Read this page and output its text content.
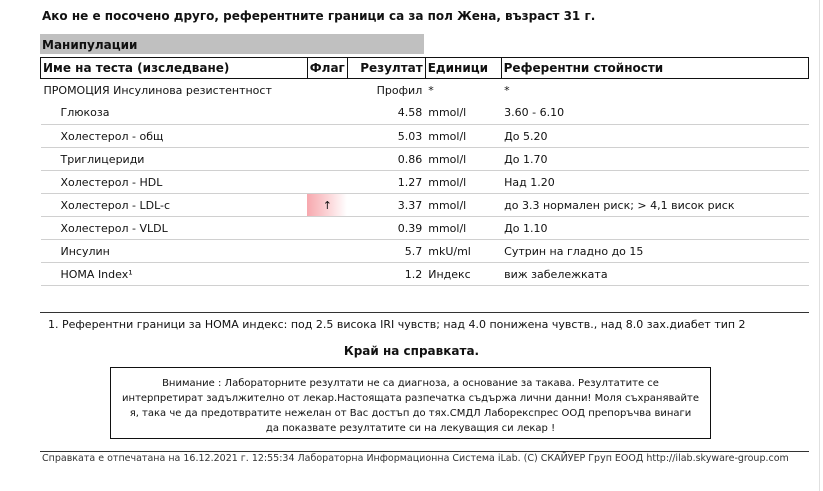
Ако не е посочено друго, референтните граници са за пол Жена, възраст 31 г.
Манипулации
Име на теста (изследване)	Флаг	Резултат	Единици	Референтни стойности
ПРОМОЦИЯ Инсулинова резистентност		Профил	*	*
Глюкоза		4.58	mmol/l	3.60 - 6.10
Холестерол - общ		5.03	mmol/l	До 5.20
Триглицериди		0.86	mmol/l	До 1.70
Холестерол - HDL		1.27	mmol/l	Над 1.20
Холестерол - LDL-c	↑	3.37	mmol/l	до 3.3 нормален риск; > 4,1 висок риск
Холестерол - VLDL		0.39	mmol/l	До 1.10
Инсулин		5.7	mkU/ml	Сутрин на гладно до 15
HOMA Index¹		1.2	Индекс	виж забележката
1. Референтни граници за HOMA индекс: под 2.5 висока IRI чувств; над 4.0 понижена чувств., над 8.0 зах.диабет тип 2
Край на справката.
Внимание : Лабораторните резултати не са диагноза, а основание за такава. Резултатите се
интерпретират задължително от лекар.Настоящата разпечатка съдържа лични данни! Моля съхранявайте
я, така че да предотвратите нежелан от Вас достъп до тях.СМДЛ Лаборекспрес ООД препоръчва винаги
да показвате резултатите си на лекуващия си лекар !
Справката е отпечатана на 16.12.2021 г. 12:55:34 Лабораторна Информационна Система iLab. (C) СКАЙУЕР Груп ЕООД http://ilab.skyware-group.com
